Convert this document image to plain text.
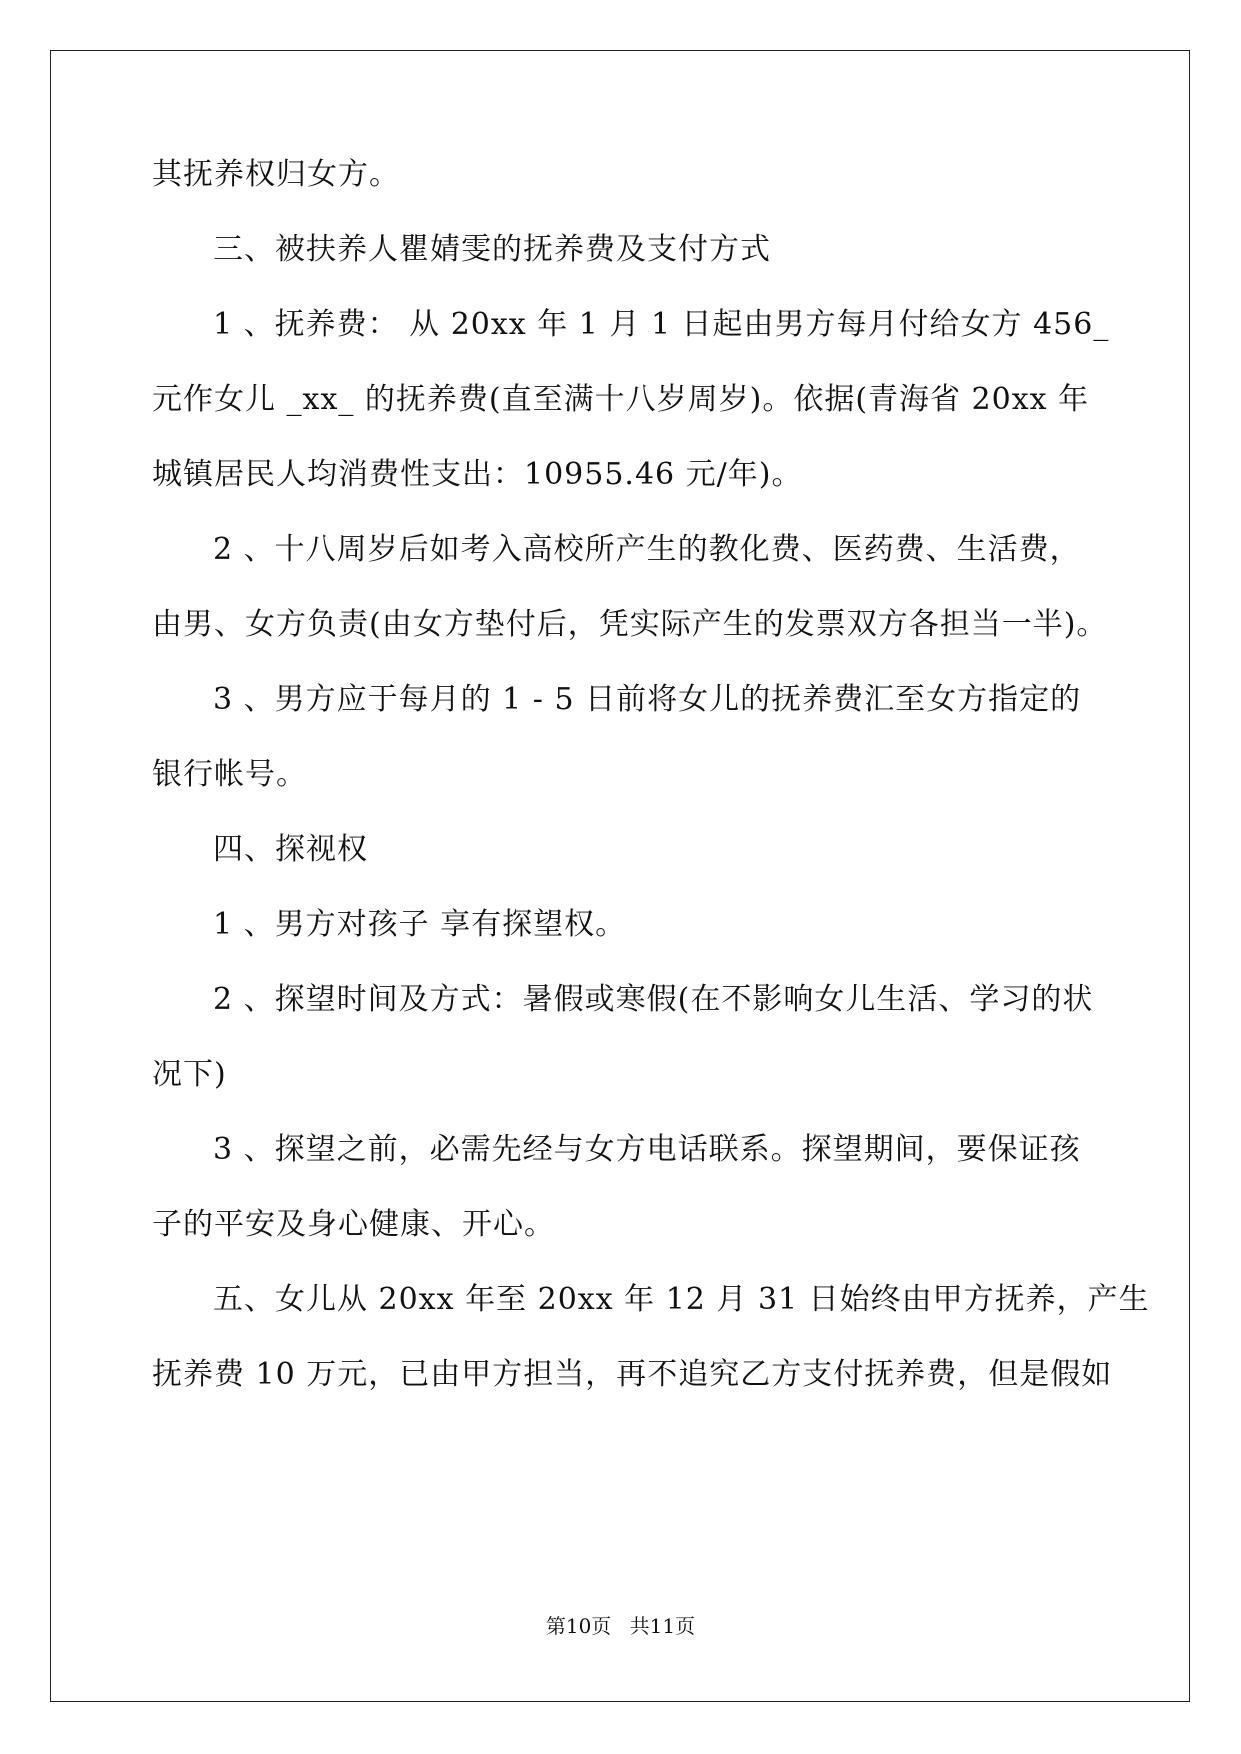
其抚养权归女方。
三、被扶养人瞿婧雯的抚养费及支付方式
1 、抚养费： 从 20xx 年 1 月 1 日起由男方每月付给女方 456_
元作女儿 _xx_ 的抚养费(直至满十八岁周岁)。依据(青海省 20xx 年
城镇居民人均消费性支出：10955.46 元/年)。
2 、十八周岁后如考入高校所产生的教化费、医药费、生活费，
由男、女方负责(由女方垫付后，凭实际产生的发票双方各担当一半)。
3 、男方应于每月的 1 - 5 日前将女儿的抚养费汇至女方指定的
银行帐号。
四、探视权
1 、男方对孩子 享有探望权。
2 、探望时间及方式：暑假或寒假(在不影响女儿生活、学习的状
况下)
3 、探望之前，必需先经与女方电话联系。探望期间，要保证孩
子的平安及身心健康、开心。
五、女儿从 20xx 年至 20xx 年 12 月 31 日始终由甲方抚养，产生
抚养费 10 万元，已由甲方担当，再不追究乙方支付抚养费，但是假如
第10页 共11页
